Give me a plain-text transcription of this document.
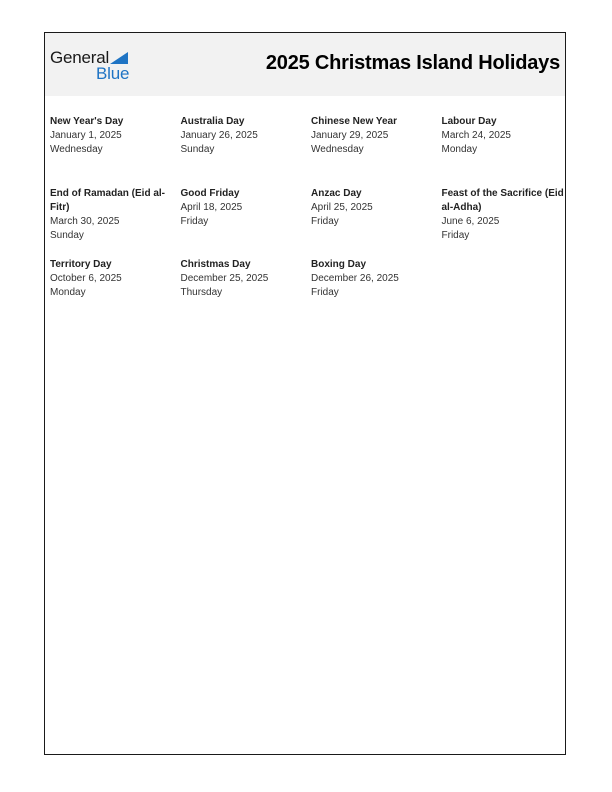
General
Blue	2025 Christmas Island Holidays
New Year's Day
January 1, 2025
Wednesday
Australia Day
January 26, 2025
Sunday
Chinese New Year
January 29, 2025
Wednesday
Labour Day
March 24, 2025
Monday
End of Ramadan (Eid al-Fitr)
March 30, 2025
Sunday
Good Friday
April 18, 2025
Friday
Anzac Day
April 25, 2025
Friday
Feast of the Sacrifice (Eid al-Adha)
June 6, 2025
Friday
Territory Day
October 6, 2025
Monday
Christmas Day
December 25, 2025
Thursday
Boxing Day
December 26, 2025
Friday
